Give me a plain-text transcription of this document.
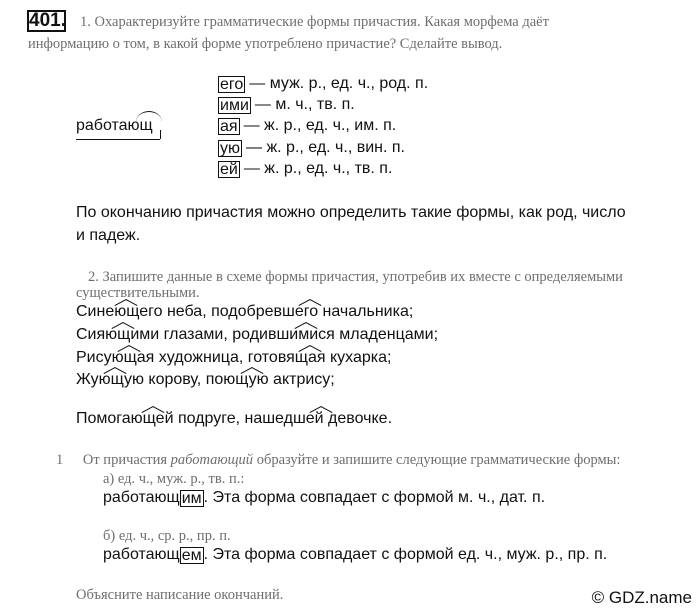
401. 1. Охарактеризуйте грамматические формы причастия. Какая морфема даёт
информацию о том, в какой форме употреблено причастие? Сделайте вывод.
работающ
его — муж. р., ед. ч., род. п.
ими — м. ч., тв. п.
ая — ж. р., ед. ч., им. п.
ую — ж. р., ед. ч., вин. п.
ей — ж. р., ед. ч., тв. п.
По окончанию причастия можно определить такие формы, как род, число
и падеж.
2. Запишите данные в схеме формы причастия, употребив их вместе с определяемыми
существительными.
Синеющего неба, подобревшего начальника;
Сияющими глазами, родившимися младенцами;
Рисующая художница, готовящая кухарка;
Жующую корову, поющую актрису;
Помогающей подруге, нашедшей девочке.
1 От причастия работающий образуйте и запишите следующие грамматические формы:
а) ед. ч., муж. р., тв. п.:
работающ им . Эта форма совпадает с формой м. ч., дат. п.
б) ед. ч., ср. р., пр. п.
работающ ем . Эта форма совпадает с формой ед. ч., муж. р., пр. п.
Объясните написание окончаний.	© GDZ.name
